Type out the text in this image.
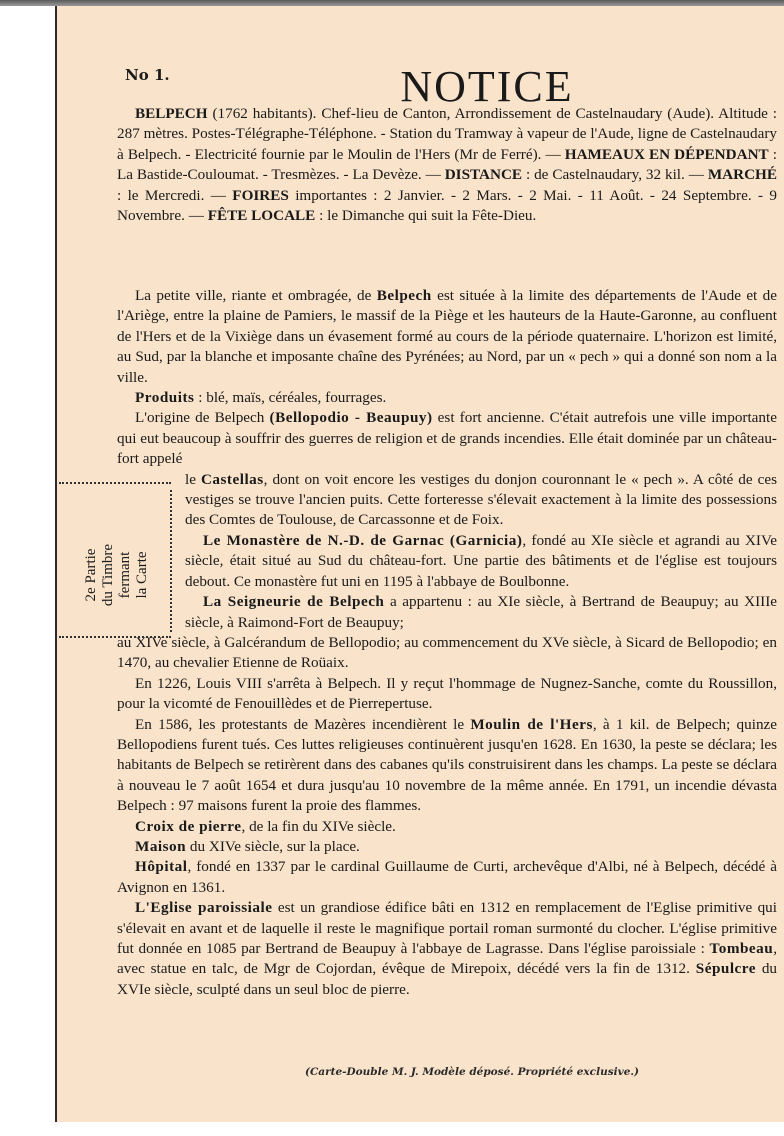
No 1.	NOTICE

BELPECH (1762 habitants). Chef-lieu de Canton, Arrondissement de Castelnaudary (Aude). Altitude : 287 mètres. Postes-Télégraphe-Téléphone. - Station du Tramway à vapeur de l'Aude, ligne de Castelnaudary à Belpech. - Electricité fournie par le Moulin de l'Hers (Mr de Ferré). — HAMEAUX EN DÉPENDANT : La Bastide-Couloumat. - Tresmèzes. - La Devèze. — DISTANCE : de Castelnaudary, 32 kil. — MARCHÉ : le Mercredi. — FOIRES importantes : 2 Janvier. - 2 Mars. - 2 Mai. - 11 Août. - 24 Septembre. - 9 Novembre. — FÊTE LOCALE : le Dimanche qui suit la Fête-Dieu.

La petite ville, riante et ombragée, de Belpech est située à la limite des départements de l'Aude et de l'Ariège, entre la plaine de Pamiers, le massif de la Piège et les hauteurs de la Haute-Garonne, au confluent de l'Hers et de la Vixiège dans un évasement formé au cours de la période quaternaire. L'horizon est limité, au Sud, par la blanche et imposante chaîne des Pyrénées; au Nord, par un « pech » qui a donné son nom a la ville.

Produits : blé, maïs, céréales, fourrages.

L'origine de Belpech (Bellopodio - Beaupuy) est fort ancienne. C'était autrefois une ville importante qui eut beaucoup à souffrir des guerres de religion et de grands incendies. Elle était dominée par un château-fort appelé

le Castellas, dont on voit encore les vestiges du donjon couronnant le « pech ». A côté de ces vestiges se trouve l'ancien puits. Cette forteresse s'élevait exactement à la limite des possessions des Comtes de Toulouse, de Carcassonne et de Foix.

Le Monastère de N.-D. de Garnac (Garnicia), fondé au XIe siècle et agrandi au XIVe siècle, était situé au Sud du château-fort. Une partie des bâtiments et de l'église est toujours debout. Ce monastère fut uni en 1195 à l'abbaye de Boulbonne.

La Seigneurie de Belpech a appartenu : au XIe siècle, à Bertrand de Beaupuy; au XIIIe siècle, à Raimond-Fort de Beaupuy;

au XIVe siècle, à Galcérandum de Bellopodio; au commencement du XVe siècle, à Sicard de Bellopodio; en 1470, au chevalier Etienne de Roüaix.

En 1226, Louis VIII s'arrêta à Belpech. Il y reçut l'hommage de Nugnez-Sanche, comte du Roussillon, pour la vicomté de Fenouillèdes et de Pierrepertuse.

En 1586, les protestants de Mazères incendièrent le Moulin de l'Hers, à 1 kil. de Belpech; quinze Bellopodiens furent tués. Ces luttes religieuses continuèrent jusqu'en 1628. En 1630, la peste se déclara; les habitants de Belpech se retirèrent dans des cabanes qu'ils construisirent dans les champs. La peste se déclara à nouveau le 7 août 1654 et dura jusqu'au 10 novembre de la même année. En 1791, un incendie dévasta Belpech : 97 maisons furent la proie des flammes.

Croix de pierre, de la fin du XIVe siècle.

Maison du XIVe siècle, sur la place.

Hôpital, fondé en 1337 par le cardinal Guillaume de Curti, archevêque d'Albi, né à Belpech, décédé à Avignon en 1361.

L'Eglise paroissiale est un grandiose édifice bâti en 1312 en remplacement de l'Eglise primitive qui s'élevait en avant et de laquelle il reste le magnifique portail roman surmonté du clocher. L'église primitive fut donnée en 1085 par Bertrand de Beaupuy à l'abbaye de Lagrasse. Dans l'église paroissiale : Tombeau, avec statue en talc, de Mgr de Cojordan, évêque de Mirepoix, décédé vers la fin de 1312. Sépulcre du XVIe siècle, sculpté dans un seul bloc de pierre.

2e Partie du Timbre fermant la Carte
(Carte-Double M. J. Modèle déposé. Propriété exclusive.)
